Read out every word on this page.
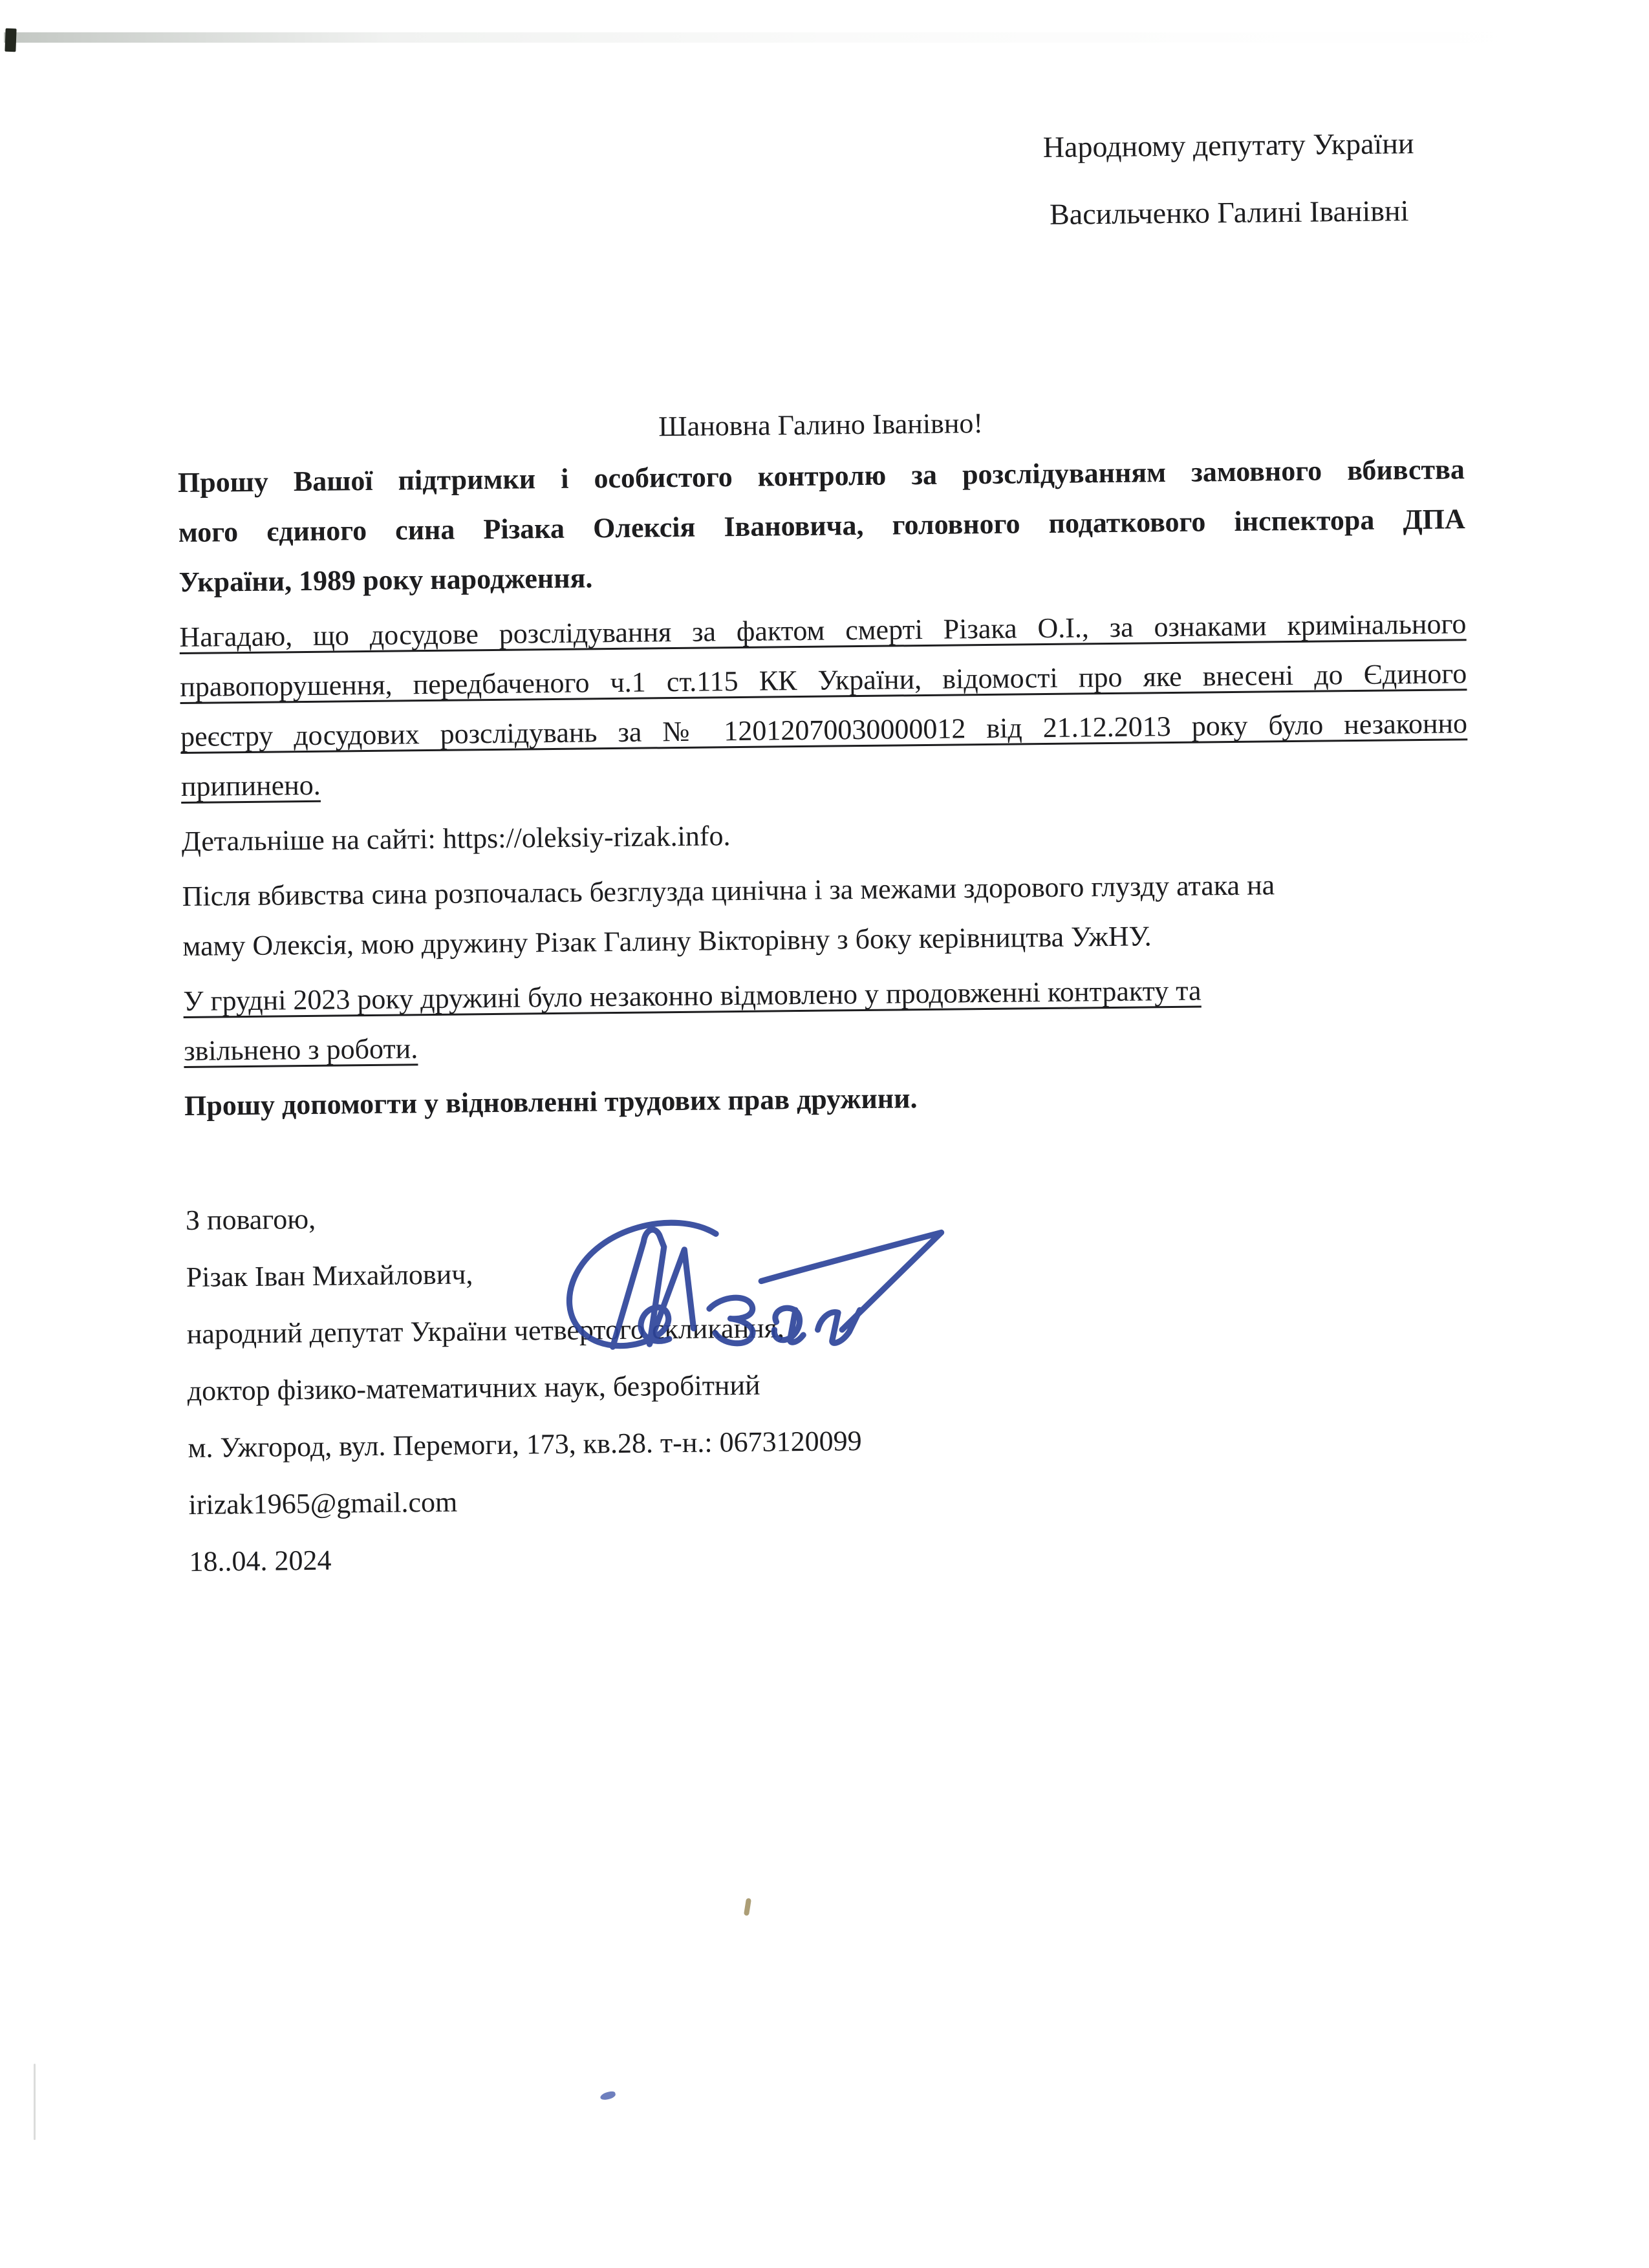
Народному депутату України
Васильченко Галині Іванівні

Шановна Галино Іванівно!

Прошу Вашої підтримки і особистого контролю за розслідуванням замовного вбивства
мого єдиного сина Різака Олексія Івановича, головного податкового інспектора ДПА
України, 1989 року народження.
Нагадаю, що досудове розслідування за фактом смерті Різака О.І., за ознаками кримінального
правопорушення, передбаченого ч.1 ст.115 КК України, відомості про яке внесені до Єдиного
реєстру досудових розслідувань за № 12012070030000012 від 21.12.2013 року було незаконно
припинено.
Детальніше на сайті: https://oleksiy-rizak.info.
Після вбивства сина розпочалась безглузда цинічна і за межами здорового глузду атака на
маму Олексія, мою дружину Різак Галину Вікторівну з боку керівництва УжНУ.
У грудні 2023 року дружині було незаконно відмовлено у продовженні контракту та
звільнено з роботи.
Прошу допомогти у відновленні трудових прав дружини.

З повагою,

Різак Іван Михайлович,

народний депутат України четвертого скликання,

доктор фізико-математичних наук, безробітний

м. Ужгород, вул. Перемоги, 173, кв.28. т-н.: 0673120099

irizak1965@gmail.com

18..04. 2024
